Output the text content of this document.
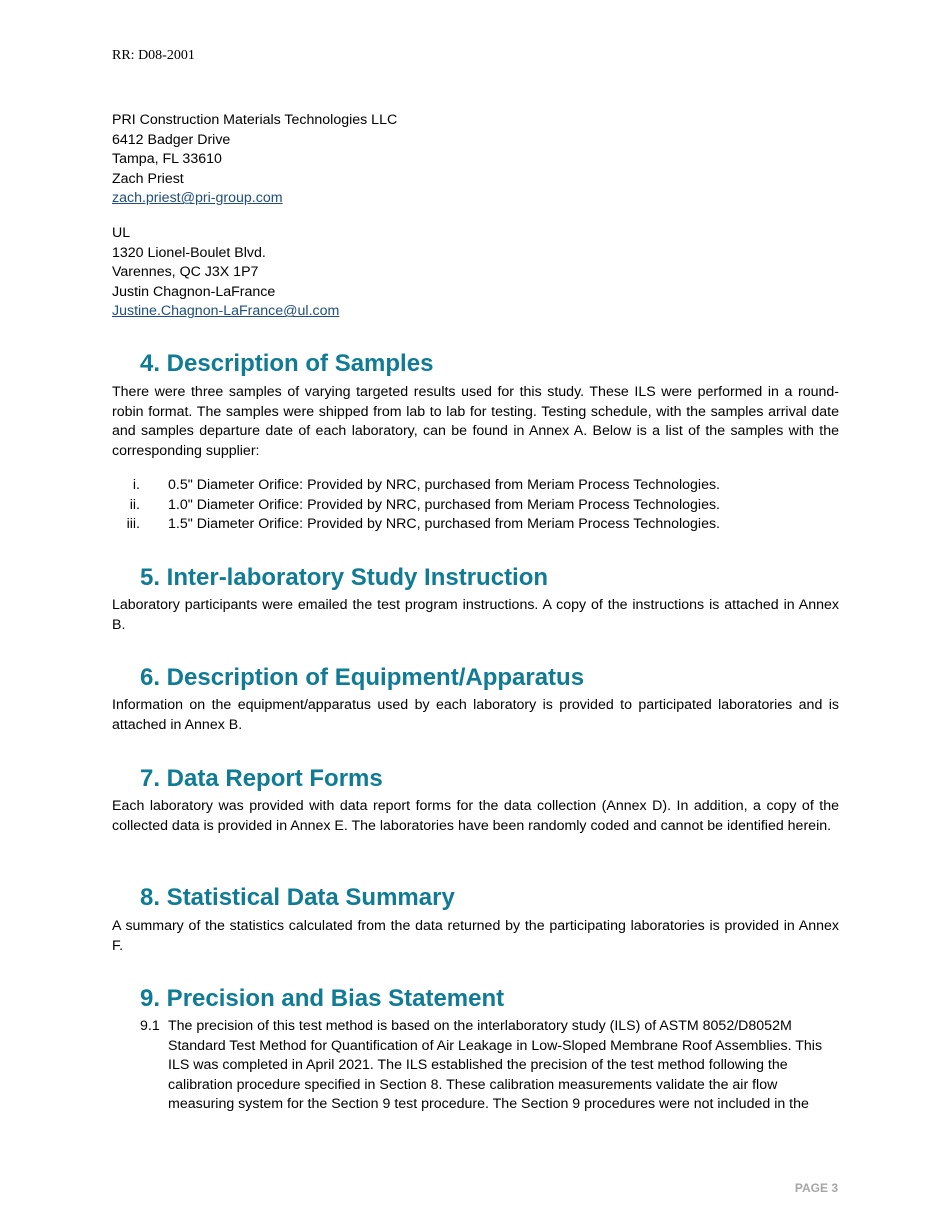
RR: D08-2001
PRI Construction Materials Technologies LLC
6412 Badger Drive
Tampa, FL 33610
Zach Priest
zach.priest@pri-group.com
UL
1320 Lionel-Boulet Blvd.
Varennes, QC J3X 1P7
Justin Chagnon-LaFrance
Justine.Chagnon-LaFrance@ul.com
4. Description of Samples
There were three samples of varying targeted results used for this study. These ILS were performed in a round-robin format. The samples were shipped from lab to lab for testing. Testing schedule, with the samples arrival date and samples departure date of each laboratory, can be found in Annex A. Below is a list of the samples with the corresponding supplier:
i. 0.5" Diameter Orifice: Provided by NRC, purchased from Meriam Process Technologies.
ii. 1.0" Diameter Orifice: Provided by NRC, purchased from Meriam Process Technologies.
iii. 1.5" Diameter Orifice: Provided by NRC, purchased from Meriam Process Technologies.
5. Inter-laboratory Study Instruction
Laboratory participants were emailed the test program instructions. A copy of the instructions is attached in Annex B.
6. Description of Equipment/Apparatus
Information on the equipment/apparatus used by each laboratory is provided to participated laboratories and is attached in Annex B.
7. Data Report Forms
Each laboratory was provided with data report forms for the data collection (Annex D). In addition, a copy of the collected data is provided in Annex E. The laboratories have been randomly coded and cannot be identified herein.
8. Statistical Data Summary
A summary of the statistics calculated from the data returned by the participating laboratories is provided in Annex F.
9. Precision and Bias Statement
9.1 The precision of this test method is based on the interlaboratory study (ILS) of ASTM 8052/D8052M Standard Test Method for Quantification of Air Leakage in Low-Sloped Membrane Roof Assemblies. This ILS was completed in April 2021. The ILS established the precision of the test method following the calibration procedure specified in Section 8. These calibration measurements validate the air flow measuring system for the Section 9 test procedure. The Section 9 procedures were not included in the
PAGE 3
